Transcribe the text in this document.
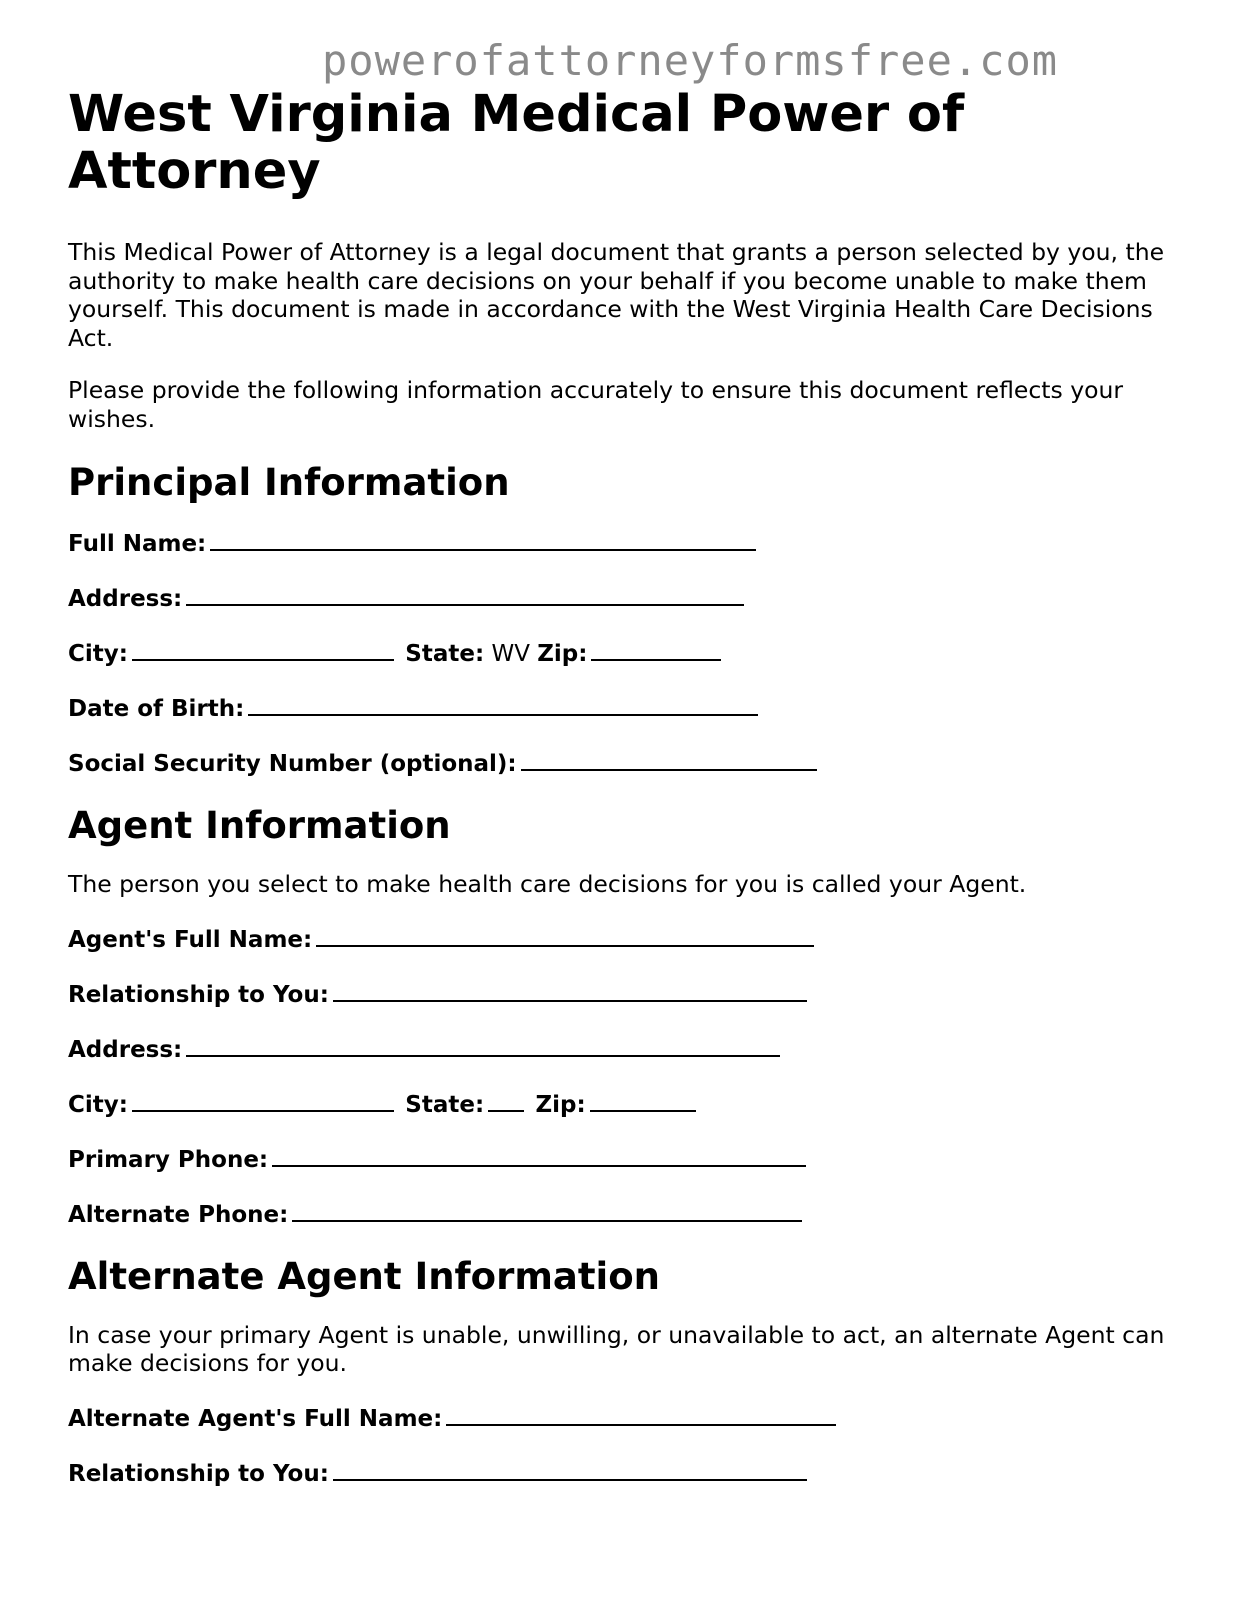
powerofattorneyformsfree.com
West Virginia Medical Power of Attorney

This Medical Power of Attorney is a legal document that grants a person selected by you, the authority to make health care decisions on your behalf if you become unable to make them yourself. This document is made in accordance with the West Virginia Health Care Decisions Act.

Please provide the following information accurately to ensure this document reflects your wishes.

Principal Information
Full Name:
Address:
City:	State: WV Zip:
Date of Birth:
Social Security Number (optional):
Agent Information

The person you select to make health care decisions for you is called your Agent.

Agent's Full Name:
Relationship to You:
Address:
City:	State: Zip:
Primary Phone:
Alternate Phone:
Alternate Agent Information

In case your primary Agent is unable, unwilling, or unavailable to act, an alternate Agent can make decisions for you.

Alternate Agent's Full Name:
Relationship to You:
